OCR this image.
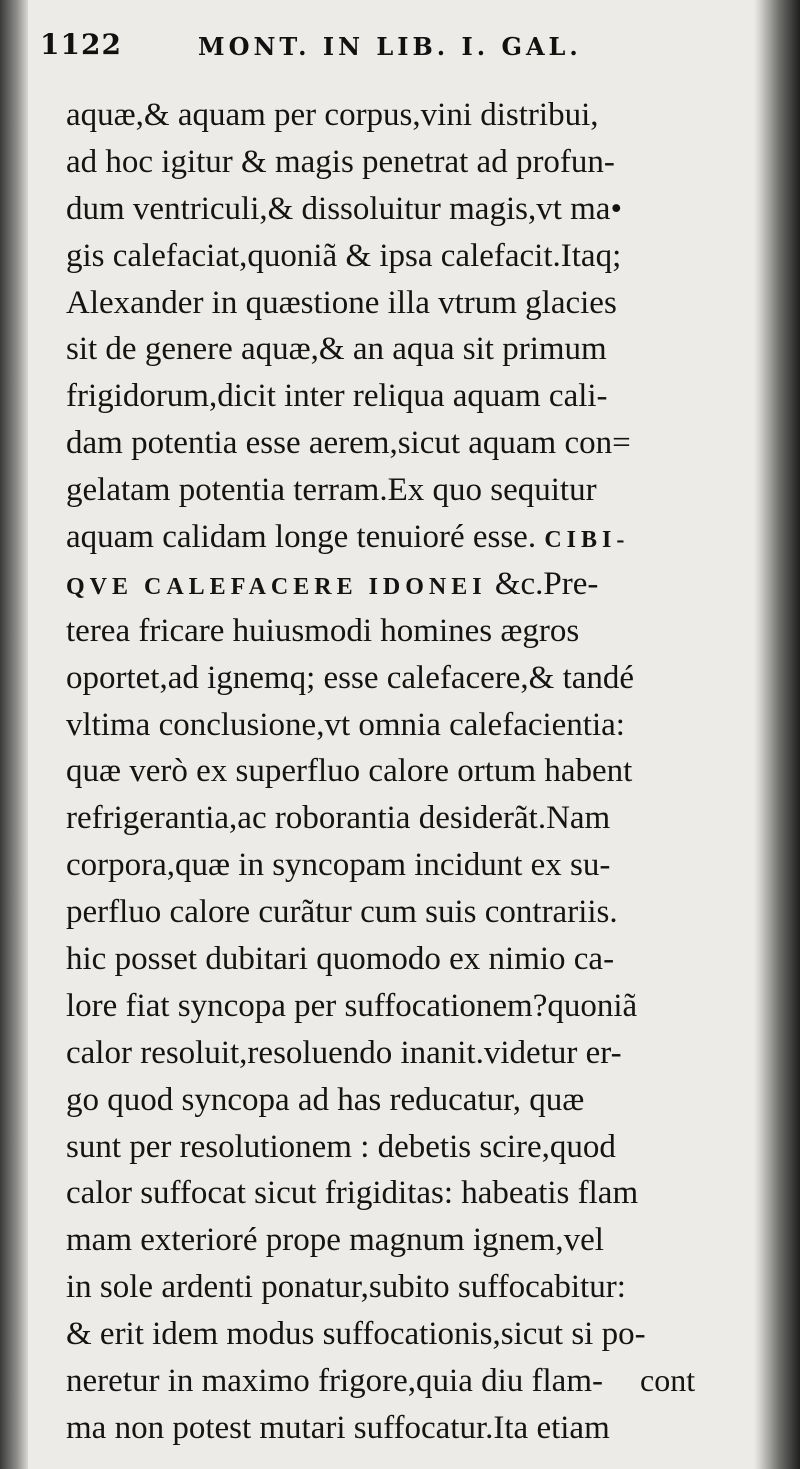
1122	MONT. IN LIB. I. GAL.
aquæ,& aquam per corpus,vini distribui,
ad hoc igitur & magis penetrat ad profun-
dum ventriculi,& dissoluitur magis,vt ma•
gis calefaciat,quoniã & ipsa calefacit.Itaq;
Alexander in quæstione illa vtrum glacies
sit de genere aquæ,& an aqua sit primum
frigidorum,dicit inter reliqua aquam cali-
dam potentia esse aerem,sicut aquam con=
gelatam potentia terram.Ex quo sequitur
aquam calidam longe tenuioré esse. CIBI-
QVE CALEFACERE IDONEI &c.Pre-
terea fricare huiusmodi homines ægros
oportet,ad ignemq; esse calefacere,& tandé
vltima conclusione,vt omnia calefacientia:
quæ verò ex superfluo calore ortum habent
refrigerantia,ac roborantia desiderãt.Nam
corpora,quæ in syncopam incidunt ex su-
perfluo calore curãtur cum suis contrariis.
hic posset dubitari quomodo ex nimio ca-
lore fiat syncopa per suffocationem?quoniã
calor resoluit,resoluendo inanit.videtur er-
go quod syncopa ad has reducatur, quæ
sunt per resolutionem : debetis scire,quod
calor suffocat sicut frigiditas: habeatis flam
mam exterioré prope magnum ignem,vel
in sole ardenti ponatur,subito suffocabitur:
& erit idem modus suffocationis,sicut si po-
neretur in maximo frigore,quia diu flam-
ma non potest mutari suffocatur.Ita etiam
cont
